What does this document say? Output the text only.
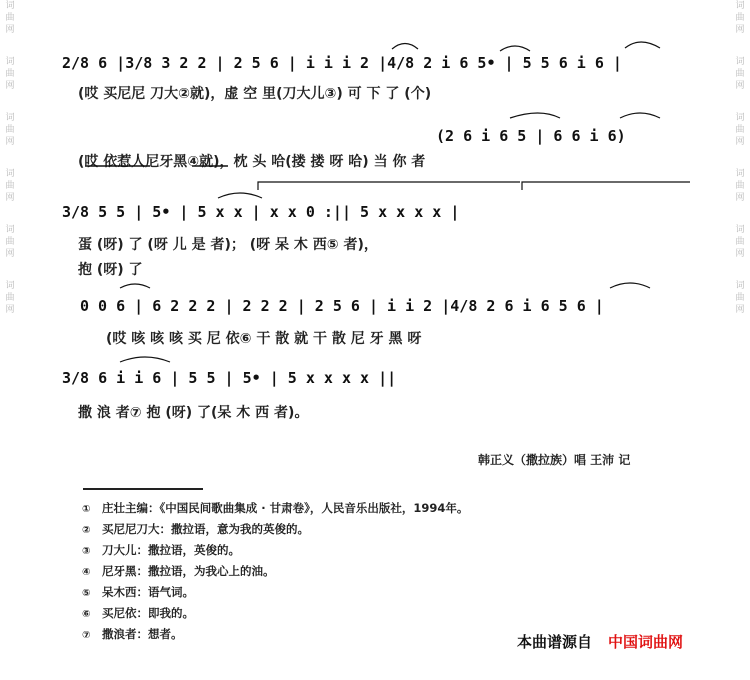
词
曲
网
词
曲
网
词
曲
网
词
曲
网
词
曲
网
词
曲
网
词
曲
网
词
曲
网
词
曲
网
词
曲
网
词
曲
网
词
曲
网
2/8 6 |3/8 3 2 2 | 2 5 6 | i i i 2 |4/8 2 i 6 5• | 5 5 6 i 6 |
(哎 买尼尼 刀大②就)，虚 空 里(刀大儿③) 可 下 了 (个)
(2 6 i 6 5 | 6 6 i 6)
(哎 依惹人尼牙黑④就)，枕 头 哈(搂 搂 呀 哈) 当 你 者
3/8 5 5 | 5• | 5 x x | x x 0 :|| 5 x x x x |
蛋 (呀) 了 (呀 儿 是 者)； (呀 呆 木 西⑤ 者)，
抱 (呀) 了
0 0 6 | 6 2 2 2 | 2 2 2 | 2 5 6 | i i 2 |4/8 2 6 i 6 5 6 |
(哎 咳 咳 咳 买 尼 依⑥ 干 散 就 干 散 尼 牙 黑 呀
3/8 6 i i 6 | 5 5 | 5• | 5 x x x x ||
撒 浪 者⑦ 抱 (呀) 了(呆 木 西 者)。
韩正义（撒拉族）唱 王沛 记
① 庄壮主编：《中国民间歌曲集成 · 甘肃卷》，人民音乐出版社，1994年。
② 买尼尼刀大：撒拉语，意为我的英俊的。
③ 刀大儿：撒拉语，英俊的。
④ 尼牙黑：撒拉语，为我心上的油。
⑤ 呆木西：语气词。
⑥ 买尼依：即我的。
⑦ 撒浪者：想者。	本曲谱源自 中国词曲网
